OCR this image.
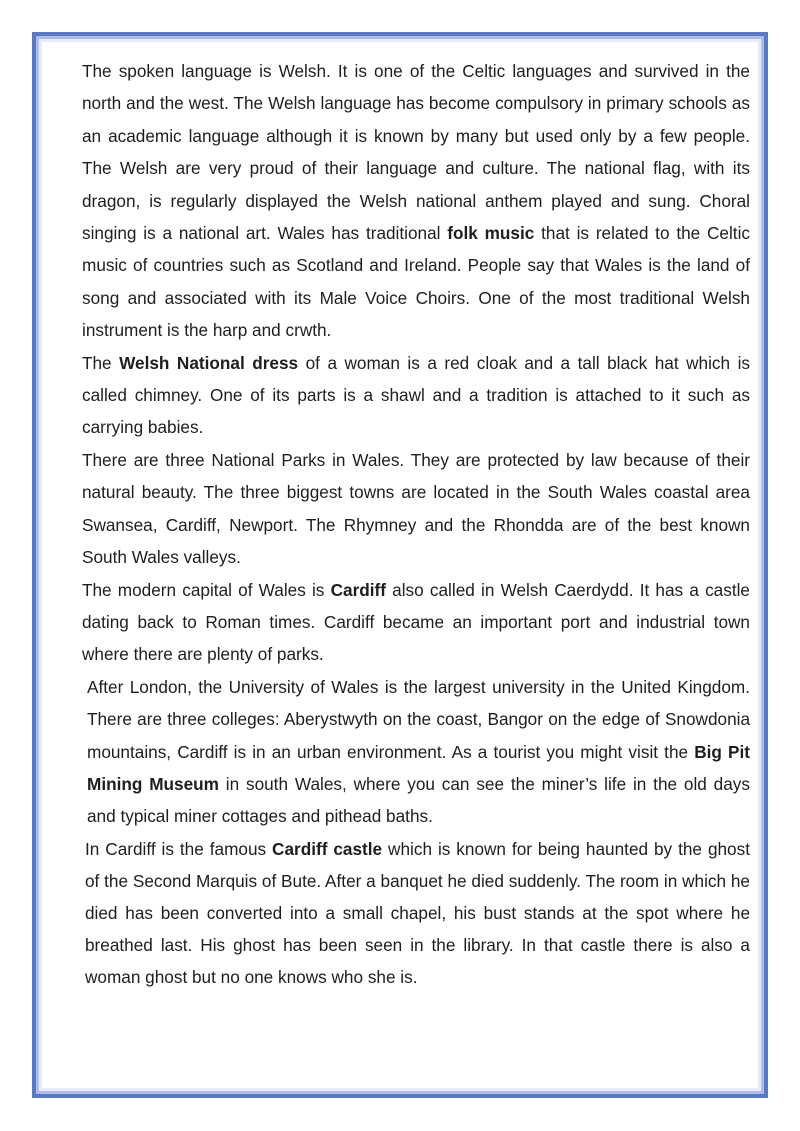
The spoken language is Welsh. It is one of the Celtic languages and survived in the north and the west. The Welsh language has become compulsory in primary schools as an academic language although it is known by many but used only by a few people. The Welsh are very proud of their language and culture. The national flag, with its dragon, is regularly displayed the Welsh national anthem played and sung. Choral singing is a national art. Wales has traditional folk music that is related to the Celtic music of countries such as Scotland and Ireland. People say that Wales is the land of song and associated with its Male Voice Choirs. One of the most traditional Welsh instrument is the harp and crwth.

The Welsh National dress of a woman is a red cloak and a tall black hat which is called chimney. One of its parts is a shawl and a tradition is attached to it such as carrying babies.

There are three National Parks in Wales. They are protected by law because of their natural beauty. The three biggest towns are located in the South Wales coastal area Swansea, Cardiff, Newport. The Rhymney and the Rhondda are of the best known South Wales valleys.

The modern capital of Wales is Cardiff also called in Welsh Caerdydd. It has a castle dating back to Roman times. Cardiff became an important port and industrial town where there are plenty of parks.

After London, the University of Wales is the largest university in the United Kingdom. There are three colleges: Aberystwyth on the coast, Bangor on the edge of Snowdonia mountains, Cardiff is in an urban environment. As a tourist you might visit the Big Pit Mining Museum in south Wales, where you can see the miner’s life in the old days and typical miner cottages and pithead baths.

In Cardiff is the famous Cardiff castle which is known for being haunted by the ghost of the Second Marquis of Bute. After a banquet he died suddenly. The room in which he died has been converted into a small chapel, his bust stands at the spot where he breathed last. His ghost has been seen in the library. In that castle there is also a woman ghost but no one knows who she is.
